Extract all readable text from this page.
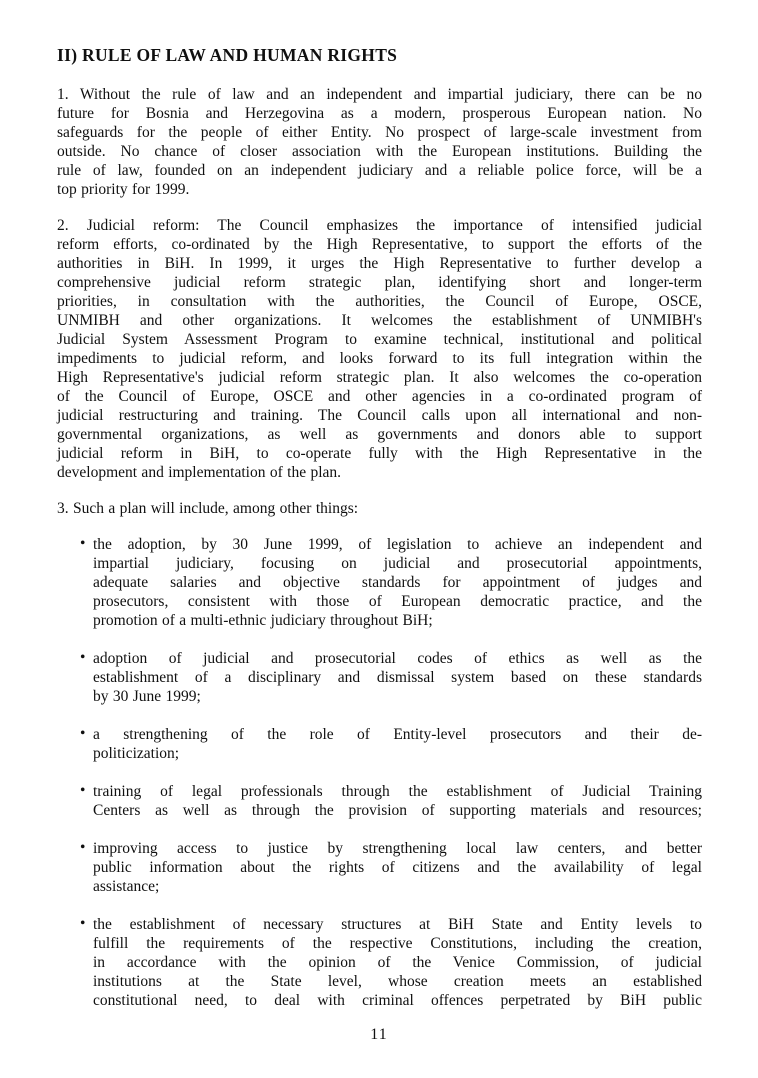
II) RULE OF LAW AND HUMAN RIGHTS

1. Without the rule of law and an independent and impartial judiciary, there can be no
future for Bosnia and Herzegovina as a modern, prosperous European nation. No
safeguards for the people of either Entity. No prospect of large-scale investment from
outside. No chance of closer association with the European institutions. Building the
rule of law, founded on an independent judiciary and a reliable police force, will be a
top priority for 1999.

2. Judicial reform: The Council emphasizes the importance of intensified judicial
reform efforts, co-ordinated by the High Representative, to support the efforts of the
authorities in BiH. In 1999, it urges the High Representative to further develop a
comprehensive judicial reform strategic plan, identifying short and longer-term
priorities, in consultation with the authorities, the Council of Europe, OSCE,
UNMIBH and other organizations. It welcomes the establishment of UNMIBH's
Judicial System Assessment Program to examine technical, institutional and political
impediments to judicial reform, and looks forward to its full integration within the
High Representative's judicial reform strategic plan. It also welcomes the co-operation
of the Council of Europe, OSCE and other agencies in a co-ordinated program of
judicial restructuring and training. The Council calls upon all international and non-
governmental organizations, as well as governments and donors able to support
judicial reform in BiH, to co-operate fully with the High Representative in the
development and implementation of the plan.

3. Such a plan will include, among other things:

• the adoption, by 30 June 1999, of legislation to achieve an independent and
impartial judiciary, focusing on judicial and prosecutorial appointments,
adequate salaries and objective standards for appointment of judges and
prosecutors, consistent with those of European democratic practice, and the
promotion of a multi-ethnic judiciary throughout BiH;
• adoption of judicial and prosecutorial codes of ethics as well as the
establishment of a disciplinary and dismissal system based on these standards
by 30 June 1999;
• a strengthening of the role of Entity-level prosecutors and their de-
politicization;
• training of legal professionals through the establishment of Judicial Training
Centers as well as through the provision of supporting materials and resources;
• improving access to justice by strengthening local law centers, and better
public information about the rights of citizens and the availability of legal
assistance;
• the establishment of necessary structures at BiH State and Entity levels to
fulfill the requirements of the respective Constitutions, including the creation,
in accordance with the opinion of the Venice Commission, of judicial
institutions at the State level, whose creation meets an established
constitutional need, to deal with criminal offences perpetrated by BiH public
11
